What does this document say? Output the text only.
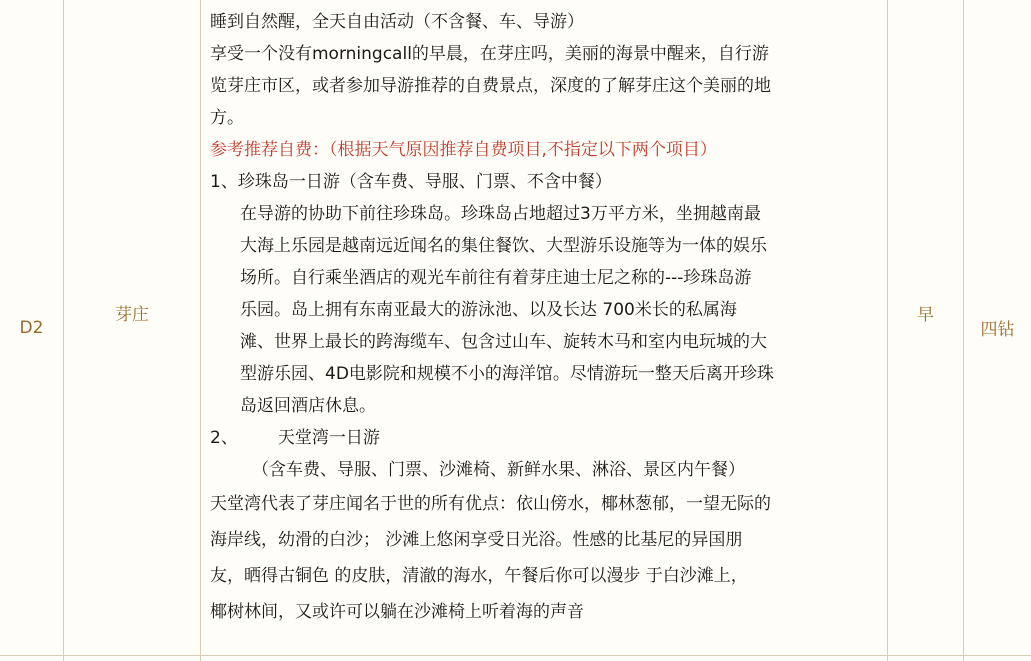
D2
芽庄	早
四钻
睡到自然醒，全天自由活动（不含餐、车、导游）
享受一个没有morningcall的早晨，在芽庄吗，美丽的海景中醒来，自行游
览芽庄市区，或者参加导游推荐的自费景点，深度的了解芽庄这个美丽的地
方。
参考推荐自费：（根据天气原因推荐自费项目,不指定以下两个项目）
1、珍珠岛一日游（含车费、导服、门票、不含中餐）
在导游的协助下前往珍珠岛。珍珠岛占地超过3万平方米，坐拥越南最
大海上乐园是越南远近闻名的集住餐饮、大型游乐设施等为一体的娱乐
场所。自行乘坐酒店的观光车前往有着芽庄迪士尼之称的---珍珠岛游
乐园。岛上拥有东南亚最大的游泳池、以及长达 700米长的私属海
滩、世界上最长的跨海缆车、包含过山车、旋转木马和室内电玩城的大
型游乐园、4D电影院和规模不小的海洋馆。尽情游玩一整天后离开珍珠
岛返回酒店休息。
2、 天堂湾一日游
（含车费、导服、门票、沙滩椅、新鲜水果、淋浴、景区内午餐）
天堂湾代表了芽庄闻名于世的所有优点：依山傍水，椰林葱郁，一望无际的
海岸线，幼滑的白沙； 沙滩上悠闲享受日光浴。性感的比基尼的异国朋
友，晒得古铜色 的皮肤，清澈的海水，午餐后你可以漫步 于白沙滩上，
椰树林间，又或许可以躺在沙滩椅上听着海的声音
